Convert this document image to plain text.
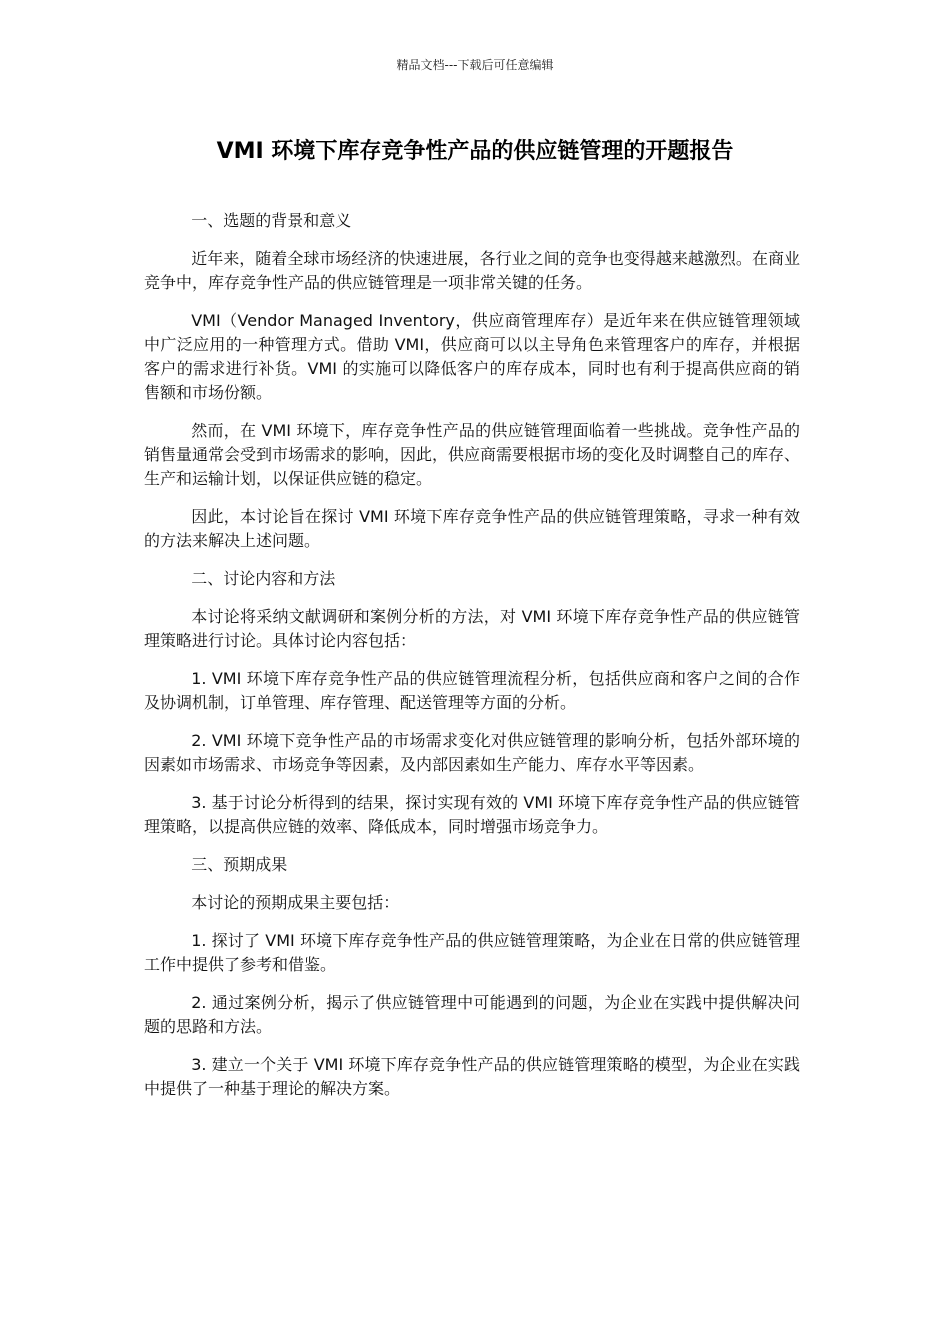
精品文档---下载后可任意编辑
VMI 环境下库存竞争性产品的供应链管理的开题报告

一、选题的背景和意义

近年来，随着全球市场经济的快速进展，各行业之间的竞争也变得越来越激烈。在商业竞争中，库存竞争性产品的供应链管理是一项非常关键的任务。

VMI（Vendor Managed Inventory，供应商管理库存）是近年来在供应链管理领域中广泛应用的一种管理方式。借助 VMI，供应商可以以主导角色来管理客户的库存，并根据客户的需求进行补货。VMI 的实施可以降低客户的库存成本，同时也有利于提高供应商的销售额和市场份额。

然而，在 VMI 环境下，库存竞争性产品的供应链管理面临着一些挑战。竞争性产品的销售量通常会受到市场需求的影响，因此，供应商需要根据市场的变化及时调整自己的库存、生产和运输计划，以保证供应链的稳定。

因此，本讨论旨在探讨 VMI 环境下库存竞争性产品的供应链管理策略，寻求一种有效的方法来解决上述问题。

二、讨论内容和方法

本讨论将采纳文献调研和案例分析的方法，对 VMI 环境下库存竞争性产品的供应链管理策略进行讨论。具体讨论内容包括：

1. VMI 环境下库存竞争性产品的供应链管理流程分析，包括供应商和客户之间的合作及协调机制，订单管理、库存管理、配送管理等方面的分析。

2. VMI 环境下竞争性产品的市场需求变化对供应链管理的影响分析，包括外部环境的因素如市场需求、市场竞争等因素，及内部因素如生产能力、库存水平等因素。

3. 基于讨论分析得到的结果，探讨实现有效的 VMI 环境下库存竞争性产品的供应链管理策略，以提高供应链的效率、降低成本，同时增强市场竞争力。

三、预期成果

本讨论的预期成果主要包括：

1. 探讨了 VMI 环境下库存竞争性产品的供应链管理策略，为企业在日常的供应链管理工作中提供了参考和借鉴。

2. 通过案例分析，揭示了供应链管理中可能遇到的问题，为企业在实践中提供解决问题的思路和方法。

3. 建立一个关于 VMI 环境下库存竞争性产品的供应链管理策略的模型，为企业在实践中提供了一种基于理论的解决方案。
